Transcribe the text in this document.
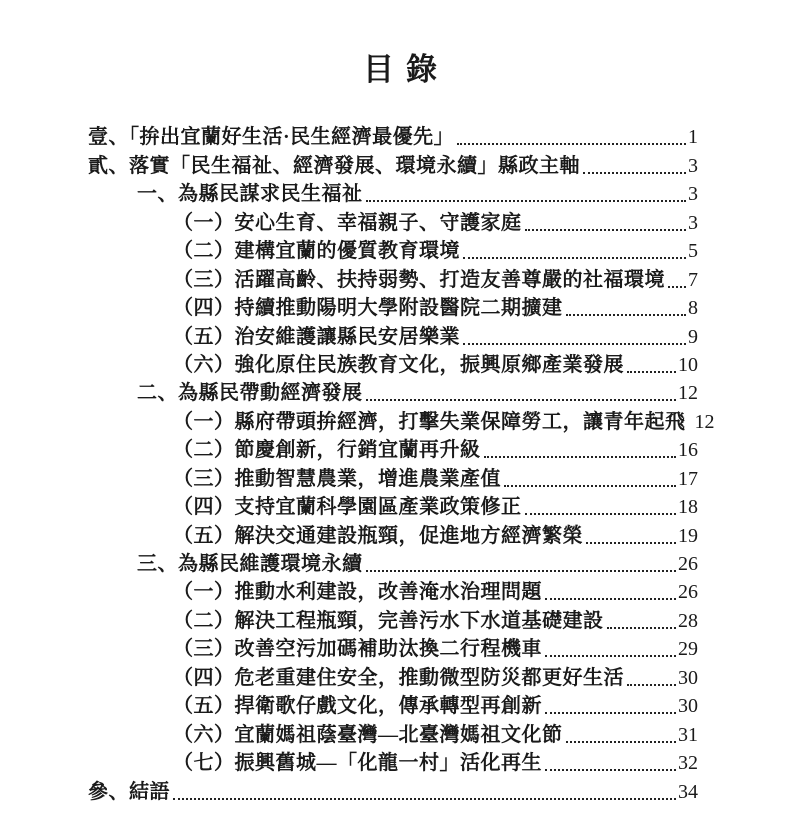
目錄
壹、「拚出宜蘭好生活·民生經濟最優先」	1
貳、落實「民生福祉、經濟發展、環境永續」縣政主軸	3
一、為縣民謀求民生福祉	3
（一）安心生育、幸福親子、守護家庭	3
（二）建構宜蘭的優質教育環境	5
（三）活躍高齡、扶持弱勢、打造友善尊嚴的社福環境 7
（四）持續推動陽明大學附設醫院二期擴建	8
（五）治安維護讓縣民安居樂業	9
（六）強化原住民族教育文化，振興原鄉產業發展	10
二、為縣民帶動經濟發展	12
（一）縣府帶頭拚經濟，打擊失業保障勞工，讓青年起飛 12
（二）節慶創新，行銷宜蘭再升級	16
（三）推動智慧農業，增進農業產值	17
（四）支持宜蘭科學園區產業政策修正	18
（五）解決交通建設瓶頸，促進地方經濟繁榮	19
三、為縣民維護環境永續	26
（一）推動水利建設，改善淹水治理問題	26
（二）解決工程瓶頸，完善污水下水道基礎建設	28
（三）改善空污加碼補助汰換二行程機車	29
（四）危老重建住安全，推動微型防災都更好生活	30
（五）捍衛歌仔戲文化，傳承轉型再創新	30
（六）宜蘭媽祖蔭臺灣—北臺灣媽祖文化節	31
（七）振興舊城—「化龍一村」活化再生	32
參、結語	34
